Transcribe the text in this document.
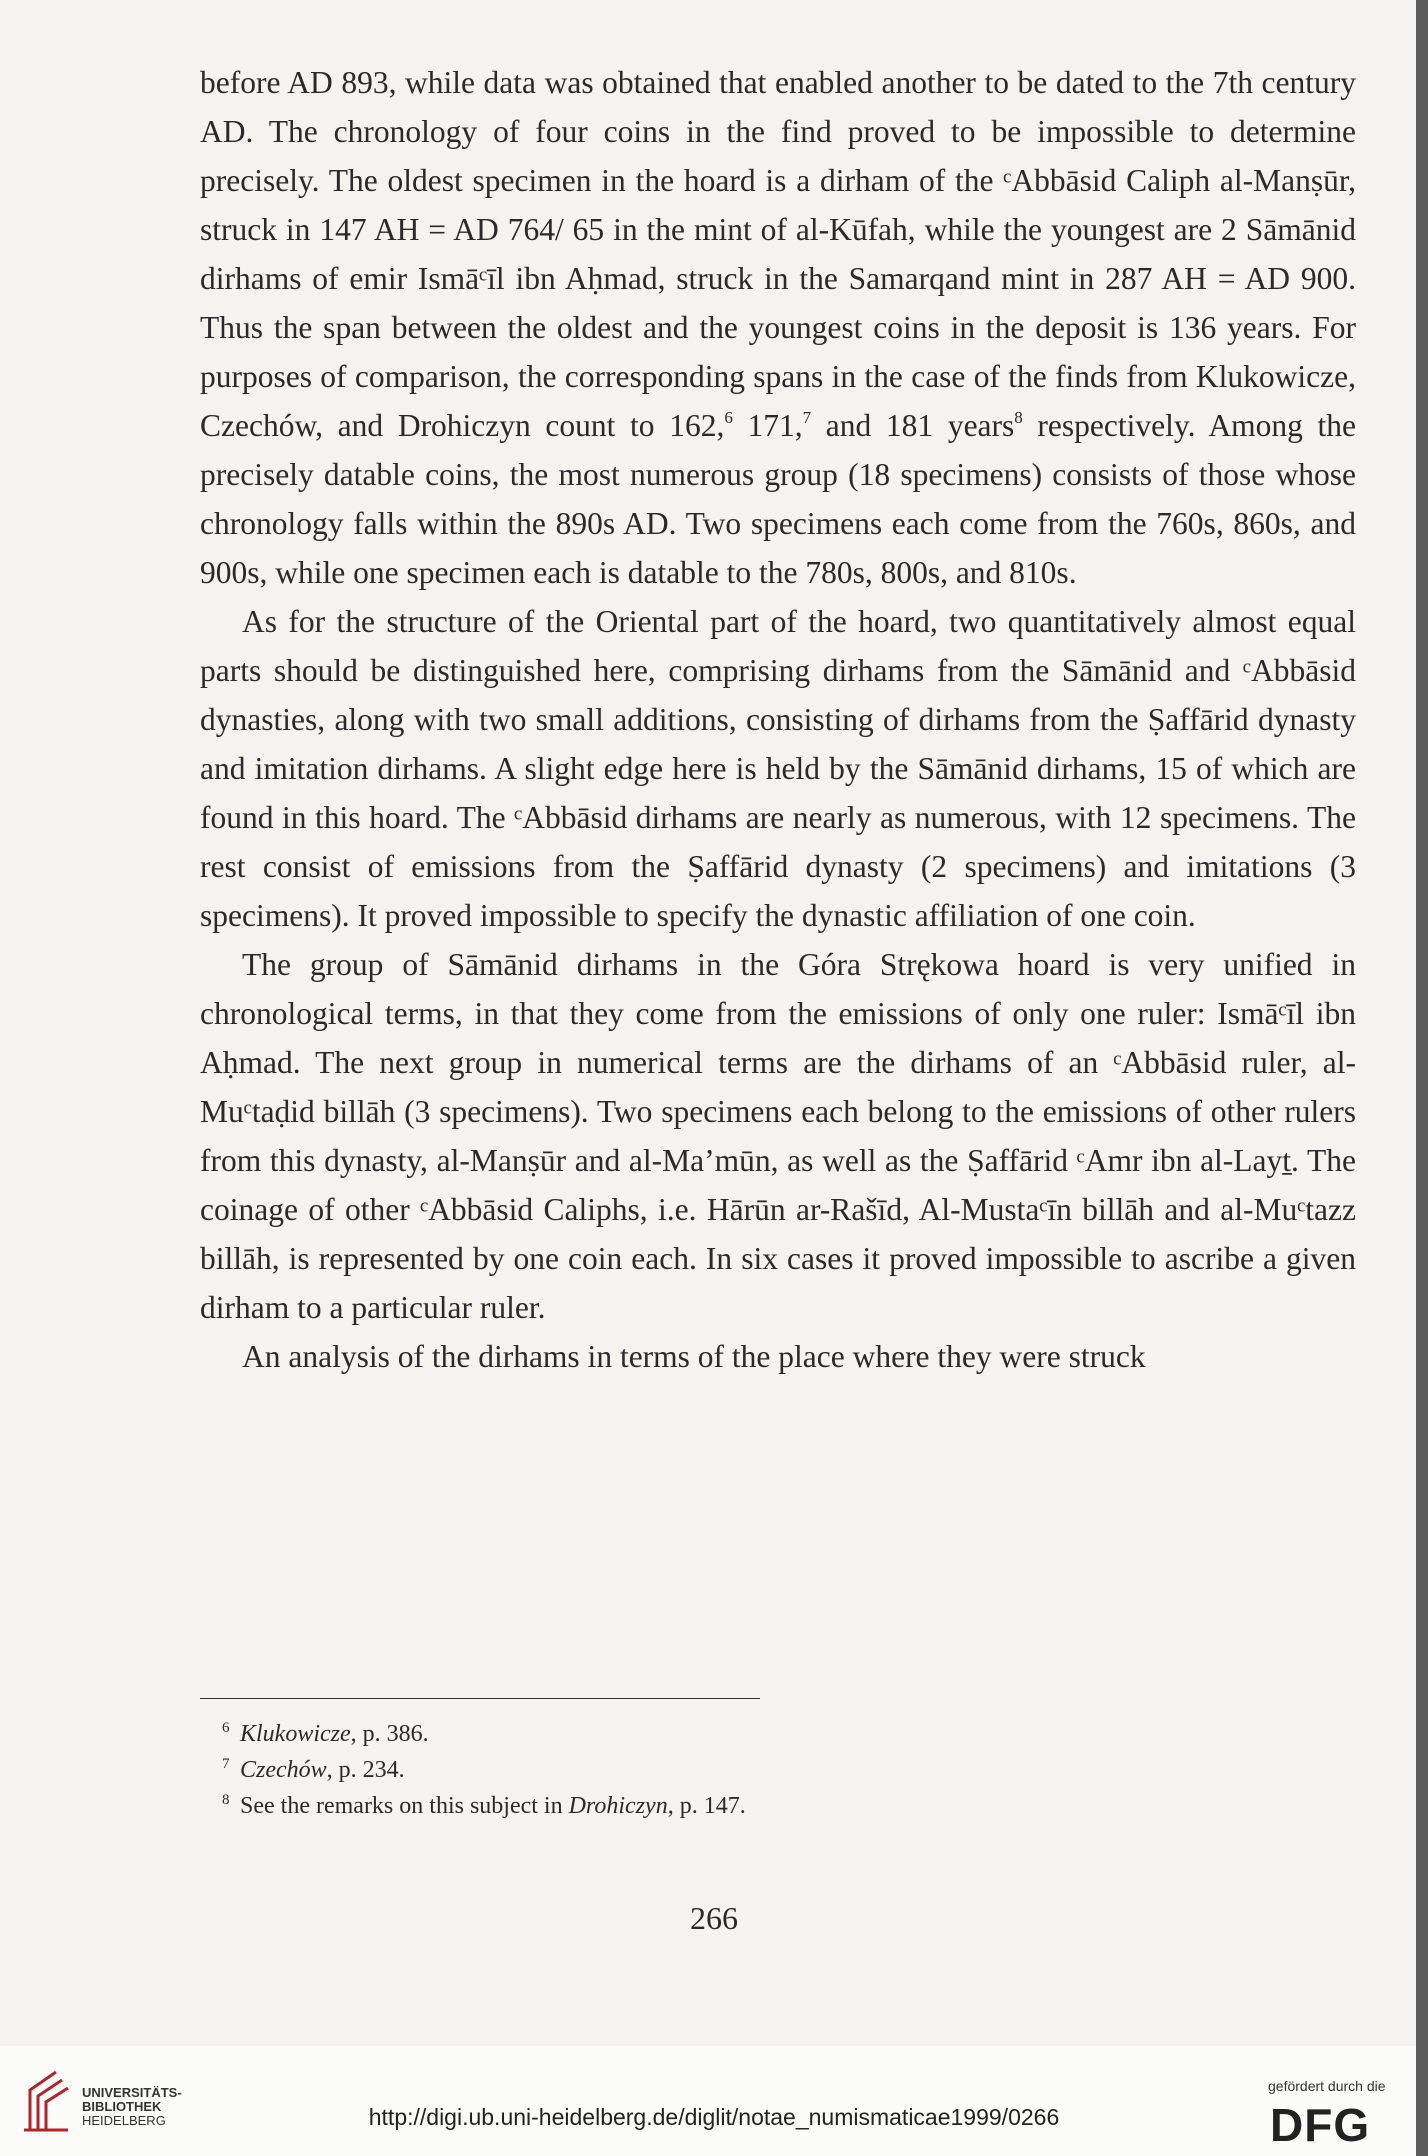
before AD 893, while data was obtained that enabled another to be dated to the 7th century AD. The chronology of four coins in the find proved to be impossible to determine precisely. The oldest specimen in the hoard is a dirham of the ᶜAbbāsid Caliph al-Manṣūr, struck in 147 AH = AD 764/ 65 in the mint of al-Kūfah, while the youngest are 2 Sāmānid dirhams of emir Ismāᶜīl ibn Aḥmad, struck in the Samarqand mint in 287 AH = AD 900. Thus the span between the oldest and the youngest coins in the deposit is 136 years. For purposes of comparison, the corresponding spans in the case of the finds from Klukowicze, Czechów, and Drohiczyn count to 162,$^6$ 171,$^7$ and 181 years$^8$ respectively. Among the precisely datable coins, the most numerous group (18 specimens) consists of those whose chronology falls within the 890s AD. Two specimens each come from the 760s, 860s, and 900s, while one specimen each is datable to the 780s, 800s, and 810s.

As for the structure of the Oriental part of the hoard, two quantitatively almost equal parts should be distinguished here, comprising dirhams from the Sāmānid and ᶜAbbāsid dynasties, along with two small additions, consisting of dirhams from the Ṣaffārid dynasty and imitation dirhams. A slight edge here is held by the Sāmānid dirhams, 15 of which are found in this hoard. The ᶜAbbāsid dirhams are nearly as numerous, with 12 specimens. The rest consist of emissions from the Ṣaffārid dynasty (2 specimens) and imitations (3 specimens). It proved impossible to specify the dynastic affiliation of one coin.

The group of Sāmānid dirhams in the Góra Strękowa hoard is very unified in chronological terms, in that they come from the emissions of only one ruler: Ismāᶜīl ibn Aḥmad. The next group in numerical terms are the dirhams of an ᶜAbbāsid ruler, al-Muᶜtaḍid billāh (3 specimens). Two specimens each belong to the emissions of other rulers from this dynasty, al-Manṣūr and al-Ma’mūn, as well as the Ṣaffārid ᶜAmr ibn al-Layṯ. The coinage of other ᶜAbbāsid Caliphs, i.e. Hārūn ar-Rašīd, Al-Mustaᶜīn billāh and al-Muᶜtazz billāh, is represented by one coin each. In six cases it proved impossible to ascribe a given dirham to a particular ruler.

An analysis of the dirhams in terms of the place where they were struck

6 Klukowicze, p. 386.
7 Czechów, p. 234.
8 See the remarks on this subject in Drohiczyn, p. 147.
266
UNIVERSITÄTS-
BIBLIOTHEK
HEIDELBERG	http://digi.ub.uni-heidelberg.de/diglit/notae_numismaticae1999/0266
gefördert durch die
DFG
